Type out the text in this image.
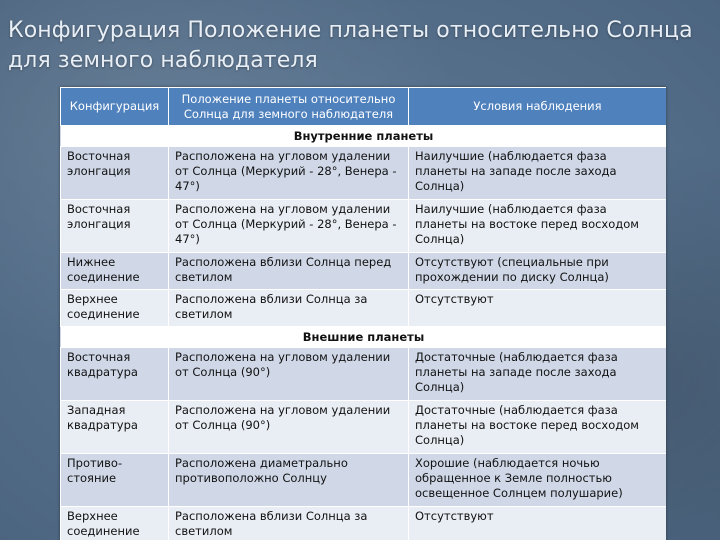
Конфигурация Положение планеты относительно Солнца для земного наблюдателя
Конфигурация	Положение планеты относительно Солнца для земного наблюдателя	Условия наблюдения
Внутренние планеты		
Восточная элонгация	Расположена на угловом удалении от Солнца (Меркурий - 28°, Венера - 47°)	Наилучшие (наблюдается фаза планеты на западе после захода Солнца)
Восточная элонгация	Расположена на угловом удалении от Солнца (Меркурий - 28°, Венера - 47°)	Наилучшие (наблюдается фаза планеты на востоке перед восходом Солнца)
Нижнее соединение	Расположена вблизи Солнца перед светилом	Отсутствуют (специальные при прохождении по диску Солнца)
Верхнее соединение	Расположена вблизи Солнца за светилом	Отсутствуют
Внешние планеты		
Восточная квадратура	Расположена на угловом удалении от Солнца (90°)	Достаточные (наблюдается фаза планеты на западе после захода Солнца)
Западная квадратура	Расположена на угловом удалении от Солнца (90°)	Достаточные (наблюдается фаза планеты на востоке перед восходом Солнца)
Противо-стояние	Расположена диаметрально противоположно Солнцу	Хорошие (наблюдается ночью обращенное к Земле полностью освещенное Солнцем полушарие)
Верхнее соединение	Расположена вблизи Солнца за светилом	Отсутствуют
